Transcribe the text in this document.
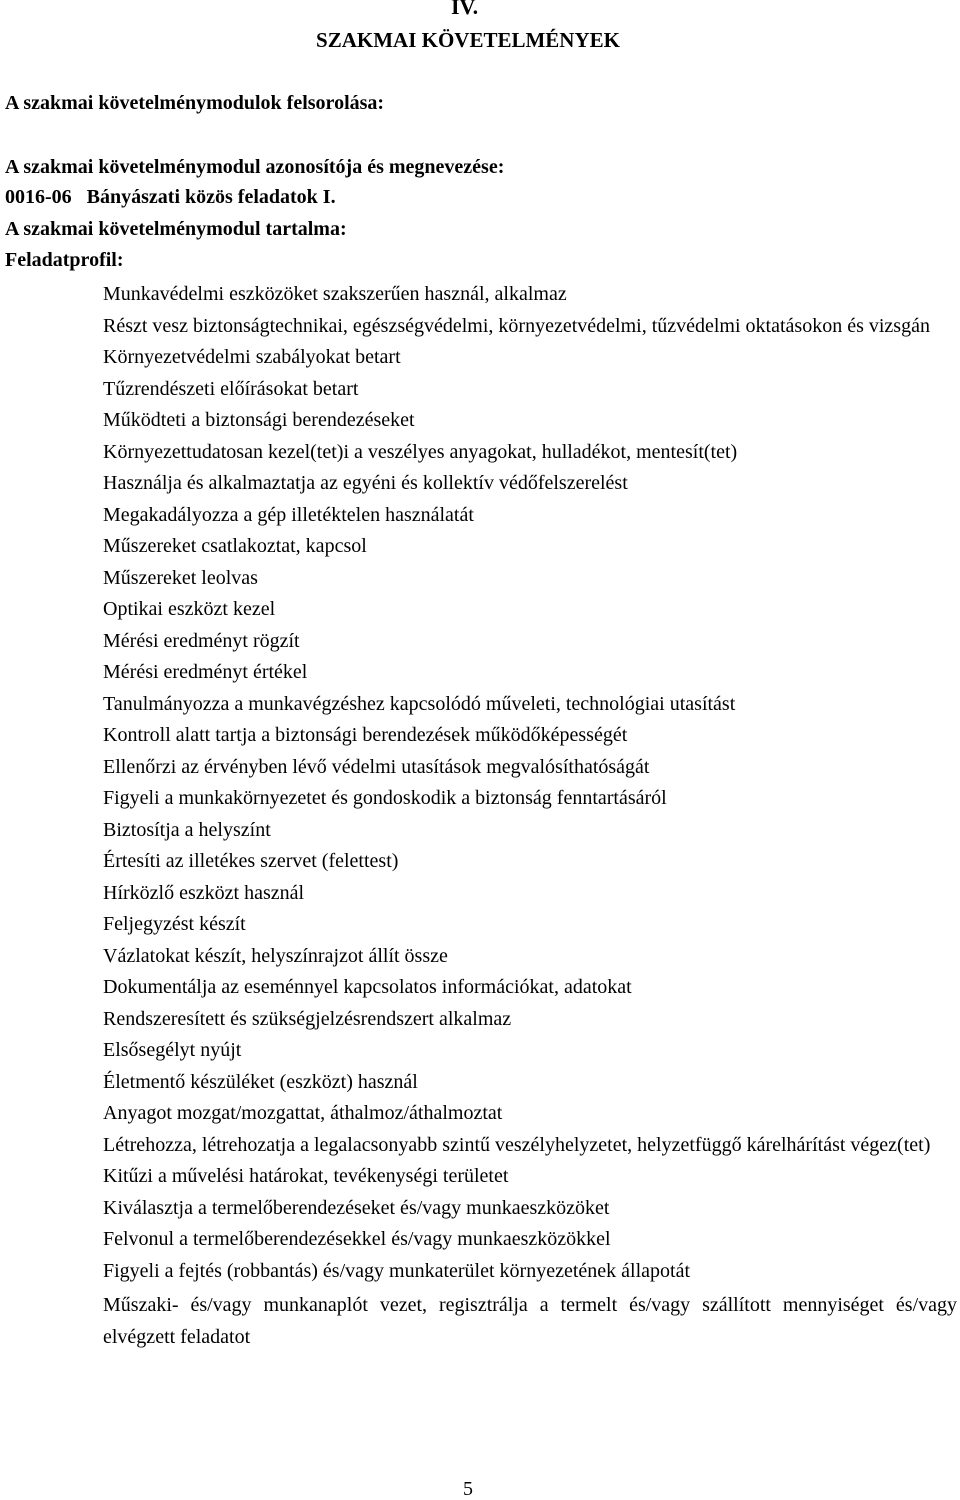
IV.

SZAKMAI KÖVETELMÉNYEK

A szakmai követelménymodulok felsorolása:

A szakmai követelménymodul azonosítója és megnevezése:

0016-06   Bányászati közös feladatok I.

A szakmai követelménymodul tartalma:

Feladatprofil:

Munkavédelmi eszközöket szakszerűen használ, alkalmaz
Részt vesz biztonságtechnikai, egészségvédelmi, környezetvédelmi, tűzvédelmi oktatásokon és vizsgán
Környezetvédelmi szabályokat betart
Tűzrendészeti előírásokat betart
Működteti a biztonsági berendezéseket
Környezettudatosan kezel(tet)i a veszélyes anyagokat, hulladékot, mentesít(tet)
Használja és alkalmaztatja az egyéni és kollektív védőfelszerelést
Megakadályozza a gép illetéktelen használatát
Műszereket csatlakoztat, kapcsol
Műszereket leolvas
Optikai eszközt kezel
Mérési eredményt rögzít
Mérési eredményt értékel
Tanulmányozza a munkavégzéshez kapcsolódó műveleti, technológiai utasítást
Kontroll alatt tartja a biztonsági berendezések működőképességét
Ellenőrzi az érvényben lévő védelmi utasítások megvalósíthatóságát
Figyeli a munkakörnyezetet és gondoskodik a biztonság fenntartásáról
Biztosítja a helyszínt
Értesíti az illetékes szervet (felettest)
Hírközlő eszközt használ
Feljegyzést készít
Vázlatokat készít, helyszínrajzot állít össze
Dokumentálja az eseménnyel kapcsolatos információkat, adatokat
Rendszeresített és szükségjelzésrendszert alkalmaz
Elsősegélyt nyújt
Életmentő készüléket (eszközt) használ
Anyagot mozgat/mozgattat, áthalmoz/áthalmoztat
Létrehozza, létrehozatja a legalacsonyabb szintű veszélyhelyzetet, helyzetfüggő kárelhárítást végez(tet)
Kitűzi a művelési határokat, tevékenységi területet
Kiválasztja a termelőberendezéseket és/vagy munkaeszközöket
Felvonul a termelőberendezésekkel és/vagy munkaeszközökkel
Figyeli a fejtés (robbantás) és/vagy munkaterület környezetének állapotát
Műszaki- és/vagy munkanaplót vezet, regisztrálja a termelt és/vagy szállított mennyiséget és/vagy elvégzett feladatot

5
